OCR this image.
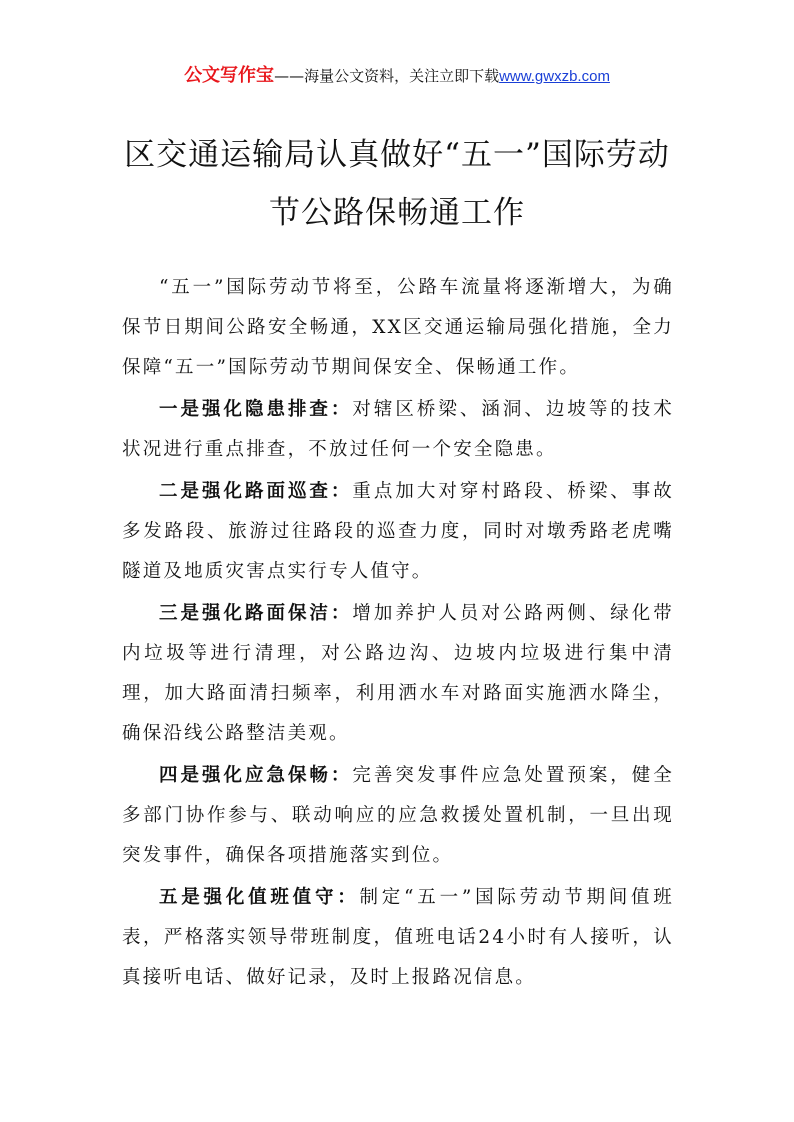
公文写作宝——海量公文资料，关注立即下载www.gwxzb.com
区交通运输局认真做好“五一”国际劳动
节公路保畅通工作

“五一”国际劳动节将至，公路车流量将逐渐增大，为确保节日期间公路安全畅通，XX区交通运输局强化措施，全力保障“五一”国际劳动节期间保安全、保畅通工作。

一是强化隐患排查：对辖区桥梁、涵洞、边坡等的技术状况进行重点排查，不放过任何一个安全隐患。

二是强化路面巡查：重点加大对穿村路段、桥梁、事故多发路段、旅游过往路段的巡查力度，同时对墩秀路老虎嘴隧道及地质灾害点实行专人值守。

三是强化路面保洁：增加养护人员对公路两侧、绿化带内垃圾等进行清理，对公路边沟、边坡内垃圾进行集中清理，加大路面清扫频率，利用洒水车对路面实施洒水降尘，确保沿线公路整洁美观。

四是强化应急保畅：完善突发事件应急处置预案，健全多部门协作参与、联动响应的应急救援处置机制，一旦出现突发事件，确保各项措施落实到位。

五是强化值班值守：制定“五一”国际劳动节期间值班表，严格落实领导带班制度，值班电话24小时有人接听，认真接听电话、做好记录，及时上报路况信息。
